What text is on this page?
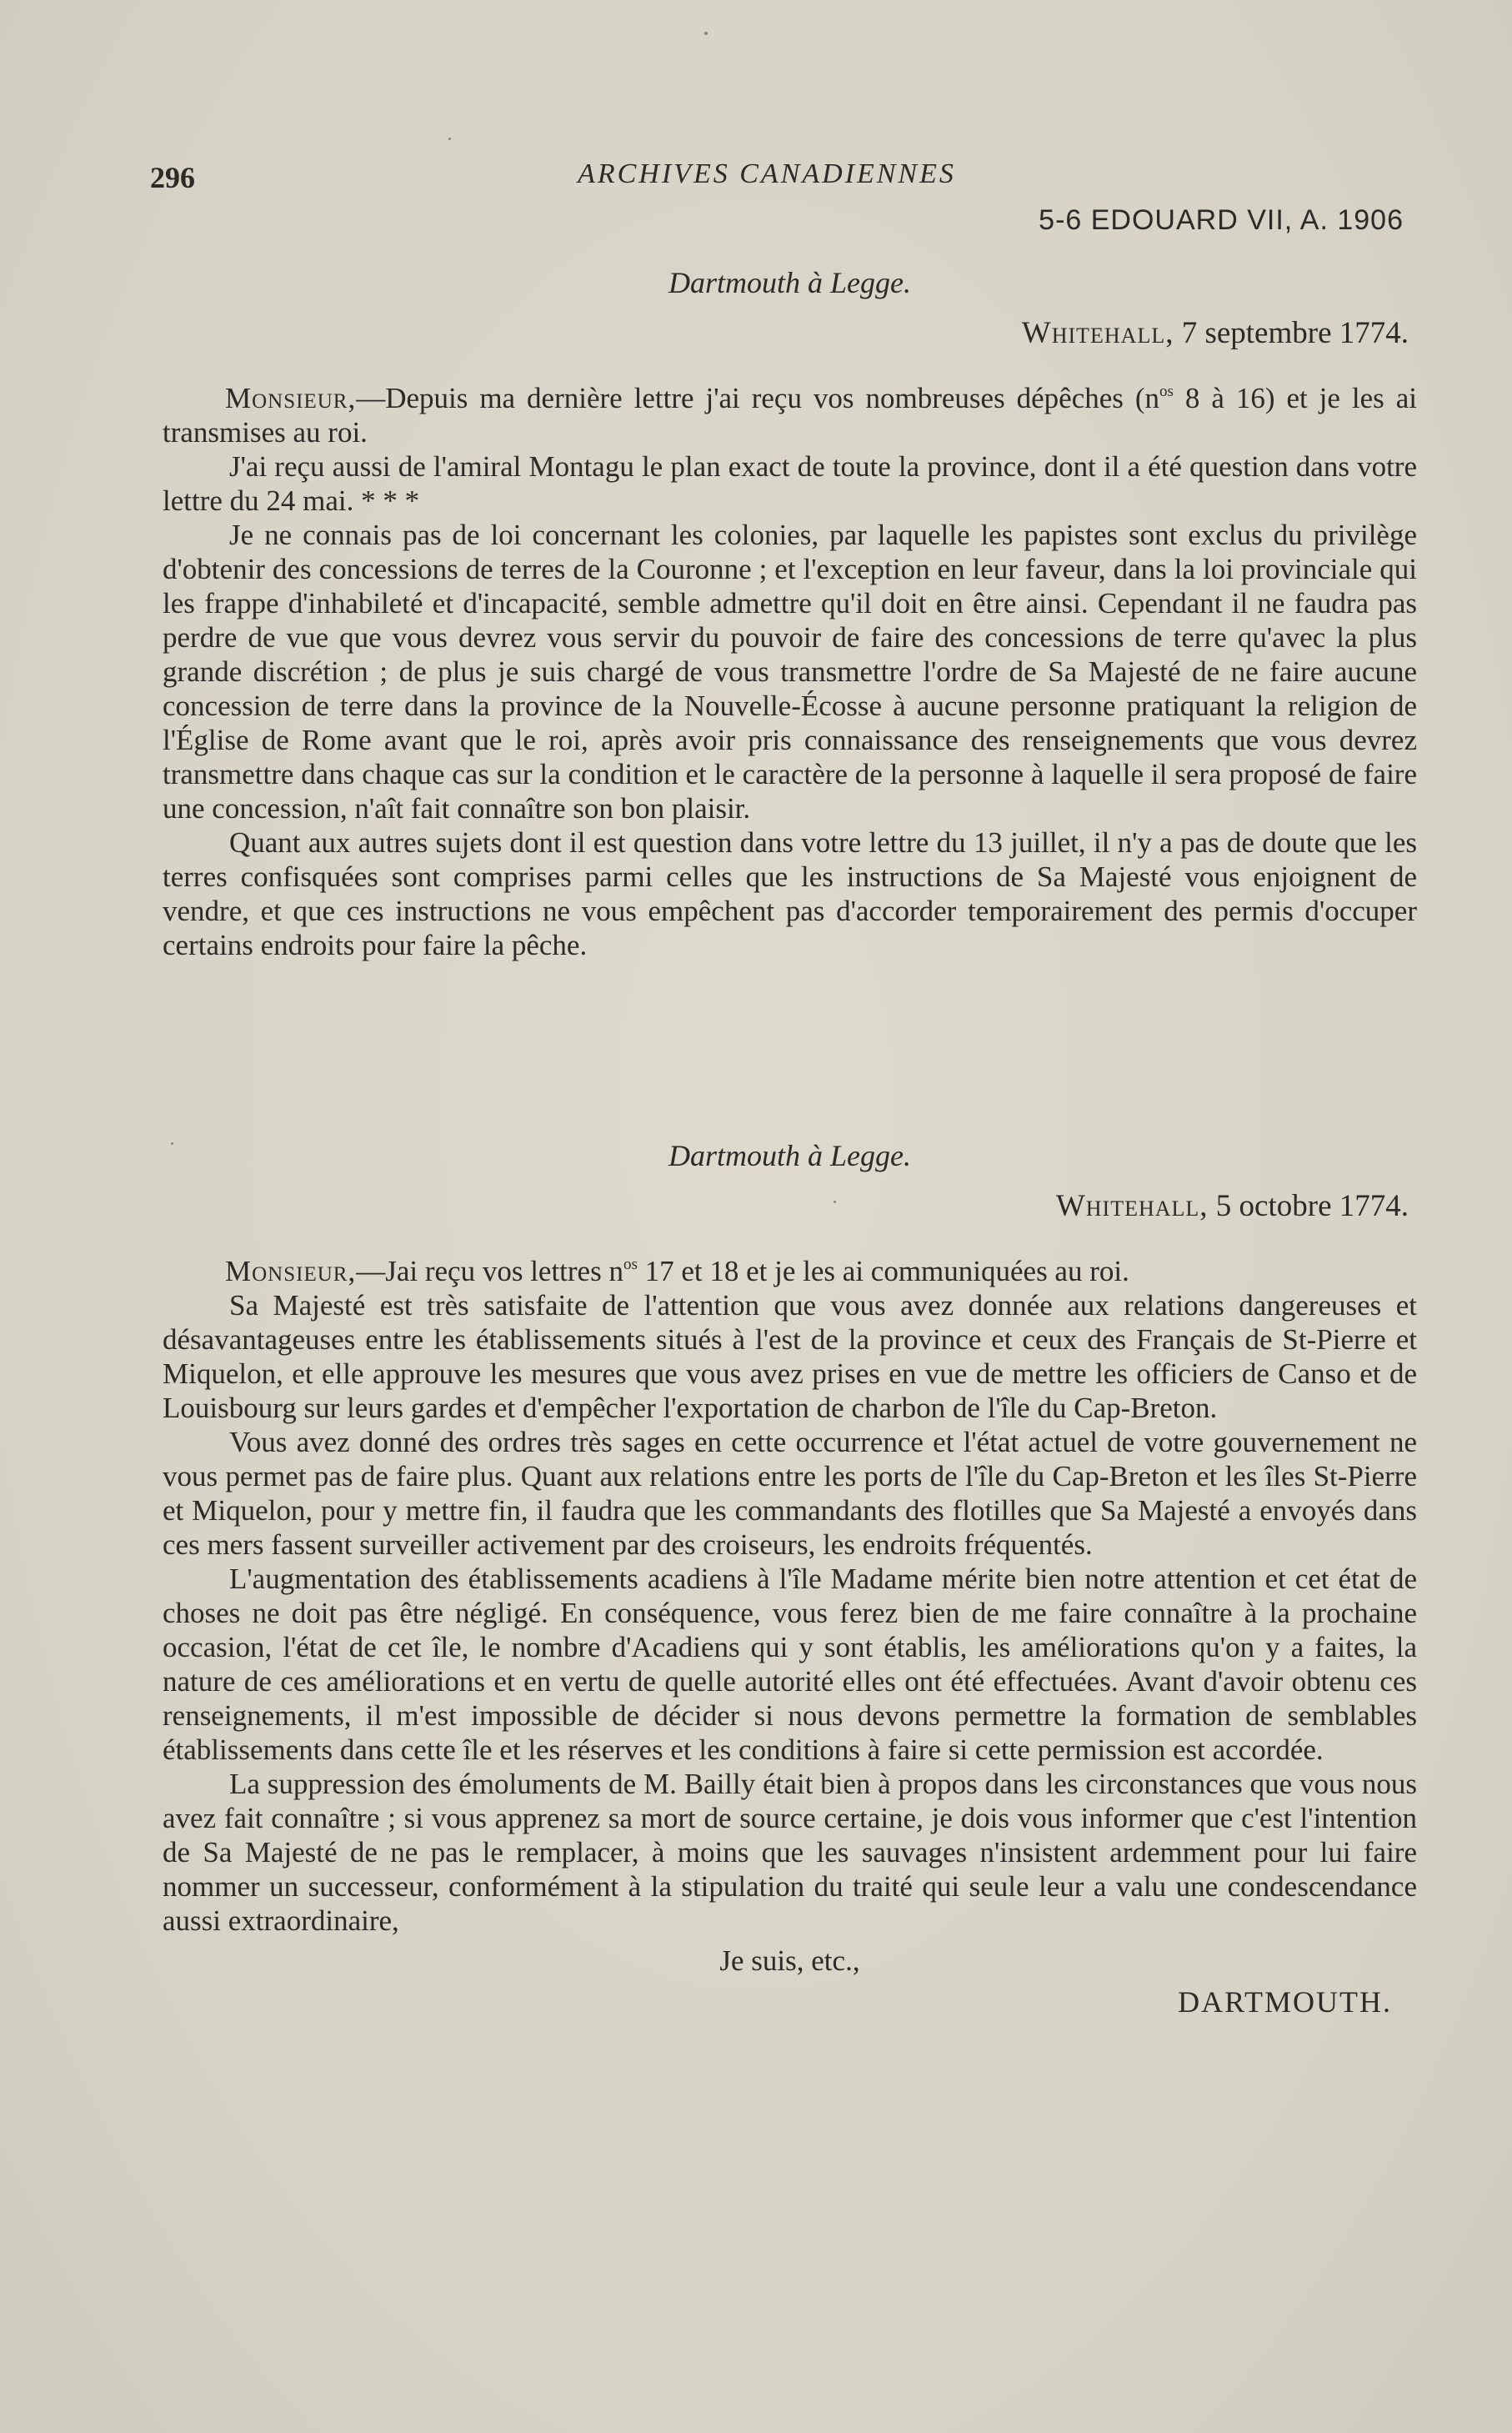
296	ARCHIVES CANADIENNES
5-6 EDOUARD VII, A. 1906

Dartmouth à Legge.

Whitehall, 7 septembre 1774.

Monsieur,—Depuis ma dernière lettre j'ai reçu vos nombreuses dépêches ($n^{os}$ 8 à 16) et je les ai transmises au roi.

J'ai reçu aussi de l'amiral Montagu le plan exact de toute la province, dont il a été question dans votre lettre du 24 mai. * * *

Je ne connais pas de loi concernant les colonies, par laquelle les papistes sont exclus du privilège d'obtenir des concessions de terres de la Couronne ; et l'exception en leur faveur, dans la loi provinciale qui les frappe d'inhabileté et d'incapacité, semble admettre qu'il doit en être ainsi. Cependant il ne faudra pas perdre de vue que vous devrez vous servir du pouvoir de faire des concessions de terre qu'avec la plus grande discrétion ; de plus je suis chargé de vous transmettre l'ordre de Sa Majesté de ne faire aucune concession de terre dans la province de la Nouvelle-Écosse à aucune personne pratiquant la religion de l'Église de Rome avant que le roi, après avoir pris connaissance des renseignements que vous devrez transmettre dans chaque cas sur la condition et le caractère de la personne à laquelle il sera proposé de faire une concession, n'aît fait connaître son bon plaisir.

Quant aux autres sujets dont il est question dans votre lettre du 13 juillet, il n'y a pas de doute que les terres confisquées sont comprises parmi celles que les instructions de Sa Majesté vous enjoignent de vendre, et que ces instructions ne vous empêchent pas d'accorder temporairement des permis d'occuper certains endroits pour faire la pêche.

Dartmouth à Legge.

Whitehall, 5 octobre 1774.

Monsieur,—Jai reçu vos lettres $n^{os}$ 17 et 18 et je les ai communiquées au roi.

Sa Majesté est très satisfaite de l'attention que vous avez donnée aux relations dangereuses et désavantageuses entre les établissements situés à l'est de la province et ceux des Français de St-Pierre et Miquelon, et elle approuve les mesures que vous avez prises en vue de mettre les officiers de Canso et de Louisbourg sur leurs gardes et d'empêcher l'exportation de charbon de l'île du Cap-Breton.

Vous avez donné des ordres très sages en cette occurrence et l'état actuel de votre gouvernement ne vous permet pas de faire plus. Quant aux relations entre les ports de l'île du Cap-Breton et les îles St-Pierre et Miquelon, pour y mettre fin, il faudra que les commandants des flotilles que Sa Majesté a envoyés dans ces mers fassent surveiller activement par des croiseurs, les endroits fréquentés.

L'augmentation des établissements acadiens à l'île Madame mérite bien notre attention et cet état de choses ne doit pas être négligé. En conséquence, vous ferez bien de me faire connaître à la prochaine occasion, l'état de cet île, le nombre d'Acadiens qui y sont établis, les améliorations qu'on y a faites, la nature de ces améliorations et en vertu de quelle autorité elles ont été effectuées. Avant d'avoir obtenu ces renseignements, il m'est impossible de décider si nous devons permettre la formation de semblables établissements dans cette île et les réserves et les conditions à faire si cette permission est accordée.

La suppression des émoluments de M. Bailly était bien à propos dans les circonstances que vous nous avez fait connaître ; si vous apprenez sa mort de source certaine, je dois vous informer que c'est l'intention de Sa Majesté de ne pas le remplacer, à moins que les sauvages n'insistent ardemment pour lui faire nommer un successeur, conformément à la stipulation du traité qui seule leur a valu une condescendance aussi extraordinaire,

Je suis, etc.,

DARTMOUTH.
